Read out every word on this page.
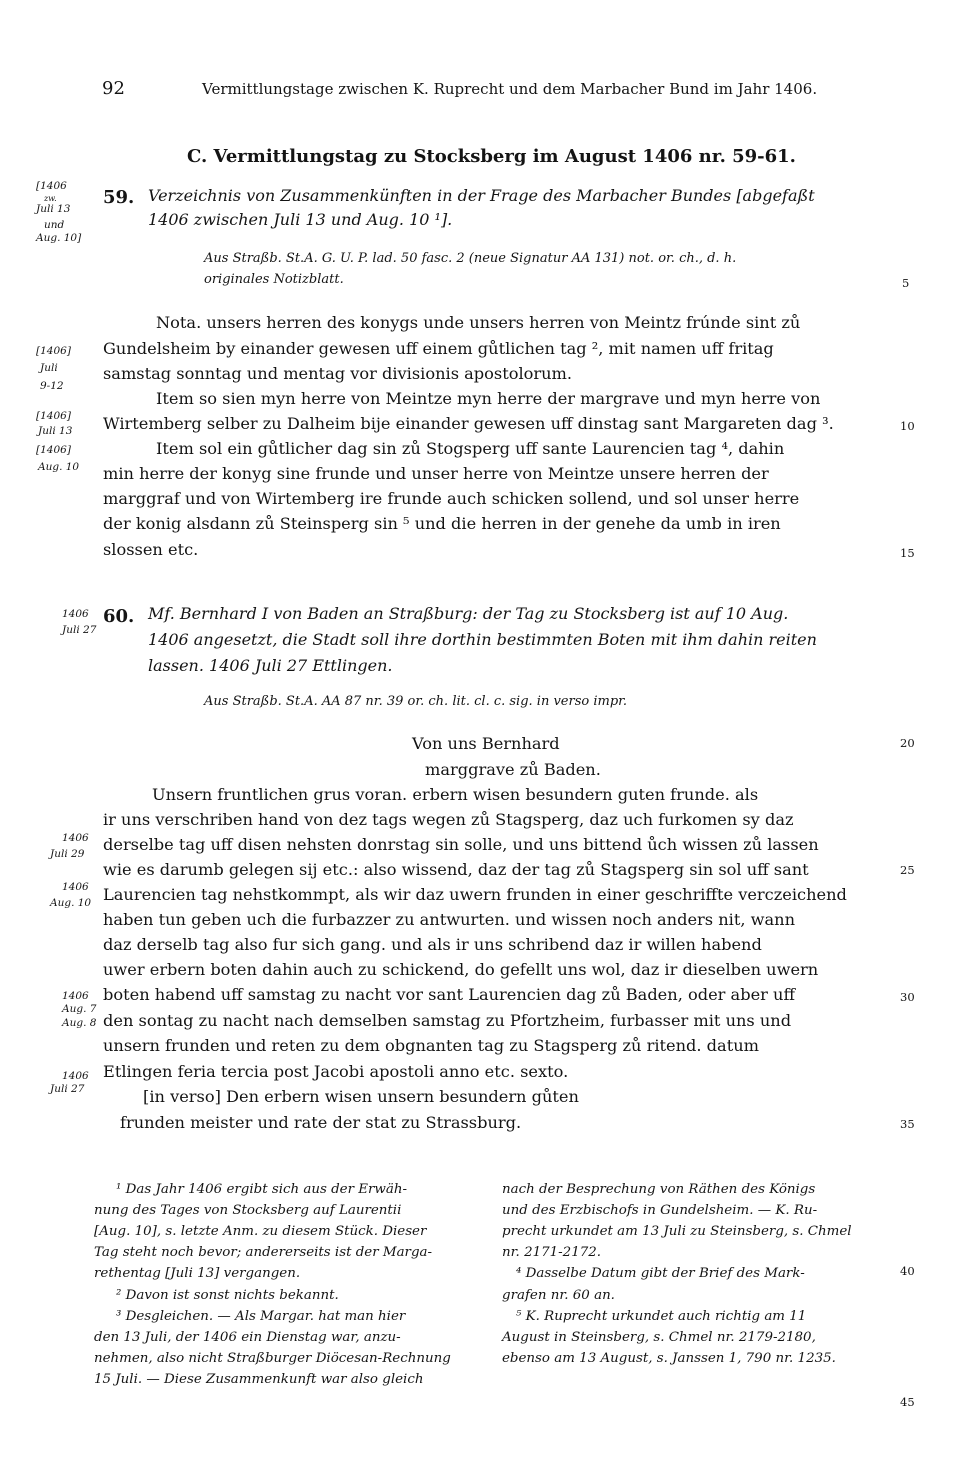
92	Vermittlungstage zwischen K. Ruprecht und dem Marbacher Bund im Jahr 1406.
C. Vermittlungstag zu Stocksberg im August 1406 nr. 59-61.
[1406
zw.
Juli 13
und
Aug. 10]
[1406]
Juli
9-12
[1406]
Juli 13
[1406]
Aug. 10
1406
Juli 27
1406
Juli 29
1406
Aug. 10
1406
Aug. 7
Aug. 8
1406
Juli 27
5
10
15
20
25
30
35
40
45
59. Verzeichnis von Zusammenkünften in der Frage des Marbacher Bundes [abgefaßt
1406 zwischen Juli 13 und Aug. 10 ¹].
Aus Straßb. St.A. G. U. P. lad. 50 fasc. 2 (neue Signatur AA 131) not. or. ch., d. h.
originales Notizblatt.
Nota. unsers herren des konygs unde unsers herren von Meintz frúnde sint zů
Gundelsheim by einander gewesen uff einem gůtlichen tag ², mit namen uff fritag
samstag sonntag und mentag vor divisionis apostolorum.
Item so sien myn herre von Meintze myn herre der margrave und myn herre von
Wirtemberg selber zu Dalheim bije einander gewesen uff dinstag sant Margareten dag ³.
Item sol ein gůtlicher dag sin zů Stogsperg uff sante Laurencien tag ⁴, dahin
min herre der konyg sine frunde und unser herre von Meintze unsere herren der
marggraf und von Wirtemberg ire frunde auch schicken sollend, und sol unser herre
der konig alsdann zů Steinsperg sin ⁵ und die herren in der genehe da umb in iren
slossen etc.
60. Mf. Bernhard I von Baden an Straßburg: der Tag zu Stocksberg ist auf 10 Aug.
1406 angesetzt, die Stadt soll ihre dorthin bestimmten Boten mit ihm dahin reiten
lassen. 1406 Juli 27 Ettlingen.
Aus Straßb. St.A. AA 87 nr. 39 or. ch. lit. cl. c. sig. in verso impr.
Von uns Bernhard
marggrave zů Baden.
Unsern fruntlichen grus voran. erbern wisen besundern guten frunde. als
ir uns verschriben hand von dez tags wegen zů Stagsperg, daz uch furkomen sy daz
derselbe tag uff disen nehsten donrstag sin solle, und uns bittend ůch wissen zů lassen
wie es darumb gelegen sij etc.: also wissend, daz der tag zů Stagsperg sin sol uff sant
Laurencien tag nehstkommpt, als wir daz uwern frunden in einer geschriffte verczeichend
haben tun geben uch die furbazzer zu antwurten. und wissen noch anders nit, wann
daz derselb tag also fur sich gang. und als ir uns schribend daz ir willen habend
uwer erbern boten dahin auch zu schickend, do gefellt uns wol, daz ir dieselben uwern
boten habend uff samstag zu nacht vor sant Laurencien dag zů Baden, oder aber uff
den sontag zu nacht nach demselben samstag zu Pfortzheim, furbasser mit uns und
unsern frunden und reten zu dem obgnanten tag zu Stagsperg zů ritend. datum
Etlingen feria tercia post Jacobi apostoli anno etc. sexto.
[in verso] Den erbern wisen unsern besundern gůten
frunden meister und rate der stat zu Strassburg.
¹ Das Jahr 1406 ergibt sich aus der Erwäh-
nung des Tages von Stocksberg auf Laurentii
[Aug. 10], s. letzte Anm. zu diesem Stück. Dieser
Tag steht noch bevor; andererseits ist der Marga-
rethentag [Juli 13] vergangen.
² Davon ist sonst nichts bekannt.
³ Desgleichen. — Als Margar. hat man hier
den 13 Juli, der 1406 ein Dienstag war, anzu-
nehmen, also nicht Straßburger Diöcesan-Rechnung
15 Juli. — Diese Zusammenkunft war also gleich
nach der Besprechung von Räthen des Königs
und des Erzbischofs in Gundelsheim. — K. Ru-
precht urkundet am 13 Juli zu Steinsberg, s. Chmel
nr. 2171-2172.
⁴ Dasselbe Datum gibt der Brief des Mark-
grafen nr. 60 an.
⁵ K. Ruprecht urkundet auch richtig am 11
August in Steinsberg, s. Chmel nr. 2179-2180,
ebenso am 13 August, s. Janssen 1, 790 nr. 1235.
